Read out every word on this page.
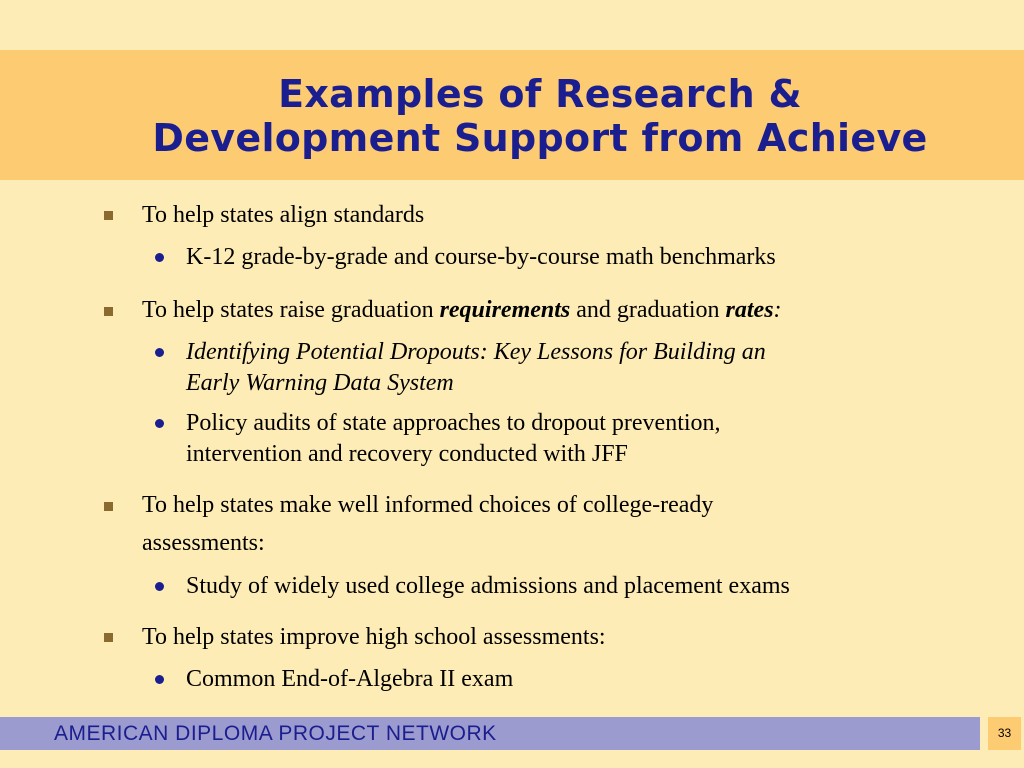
Examples of Research &
Development Support from Achieve
To help states align standards
K-12 grade-by-grade and course-by-course math benchmarks
To help states raise graduation requirements and graduation rates:
Identifying Potential Dropouts: Key Lessons for Building an
Early Warning Data System
Policy audits of state approaches to dropout prevention,
intervention and recovery conducted with JFF
To help states make well informed choices of college-ready
assessments:
Study of widely used college admissions and placement exams
To help states improve high school assessments:
Common End-of-Algebra II exam
AMERICAN DIPLOMA PROJECT NETWORK	33
